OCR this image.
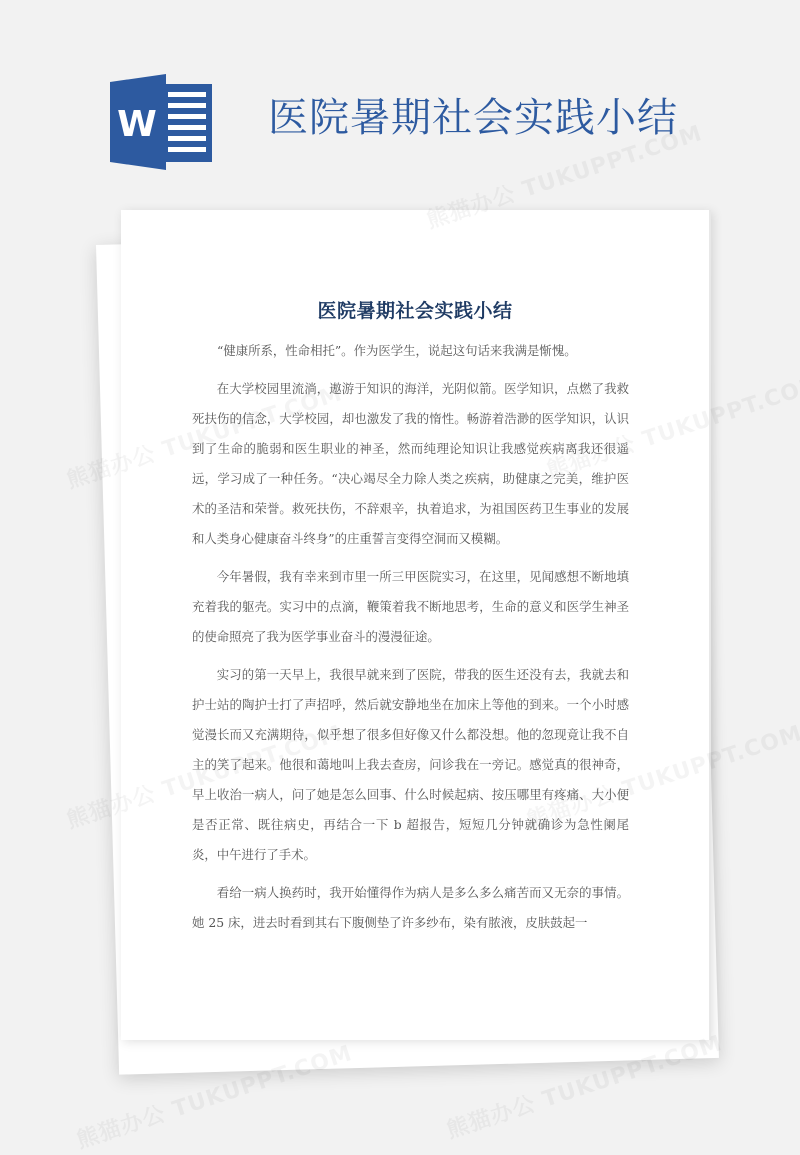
W	医院暑期社会实践小结
医院暑期社会实践小结

“健康所系，性命相托”。作为医学生，说起这句话来我满是惭愧。

在大学校园里流淌，遨游于知识的海洋，光阴似箭。医学知识，点燃了我救死扶伤的信念，大学校园，却也激发了我的惰性。畅游着浩渺的医学知识，认识到了生命的脆弱和医生职业的神圣，然而纯理论知识让我感觉疾病离我还很遥远，学习成了一种任务。“决心竭尽全力除人类之疾病，助健康之完美，维护医术的圣洁和荣誉。救死扶伤，不辞艰辛，执着追求，为祖国医药卫生事业的发展和人类身心健康奋斗终身”的庄重誓言变得空洞而又模糊。

今年暑假，我有幸来到市里一所三甲医院实习，在这里，见闻感想不断地填充着我的躯壳。实习中的点滴，鞭策着我不断地思考，生命的意义和医学生神圣的使命照亮了我为医学事业奋斗的漫漫征途。

实习的第一天早上，我很早就来到了医院，带我的医生还没有去，我就去和护士站的陶护士打了声招呼，然后就安静地坐在加床上等他的到来。一个小时感觉漫长而又充满期待，似乎想了很多但好像又什么都没想。他的忽现竟让我不自主的笑了起来。他很和蔼地叫上我去查房，问诊我在一旁记。感觉真的很神奇，早上收治一病人，问了她是怎么回事、什么时候起病、按压哪里有疼痛、大小便是否正常、既往病史，再结合一下 b 超报告，短短几分钟就确诊为急性阑尾炎，中午进行了手术。

看给一病人换药时，我开始懂得作为病人是多么多么痛苦而又无奈的事情。她 25 床，进去时看到其右下腹侧垫了许多纱布，染有脓液，皮肤鼓起一
